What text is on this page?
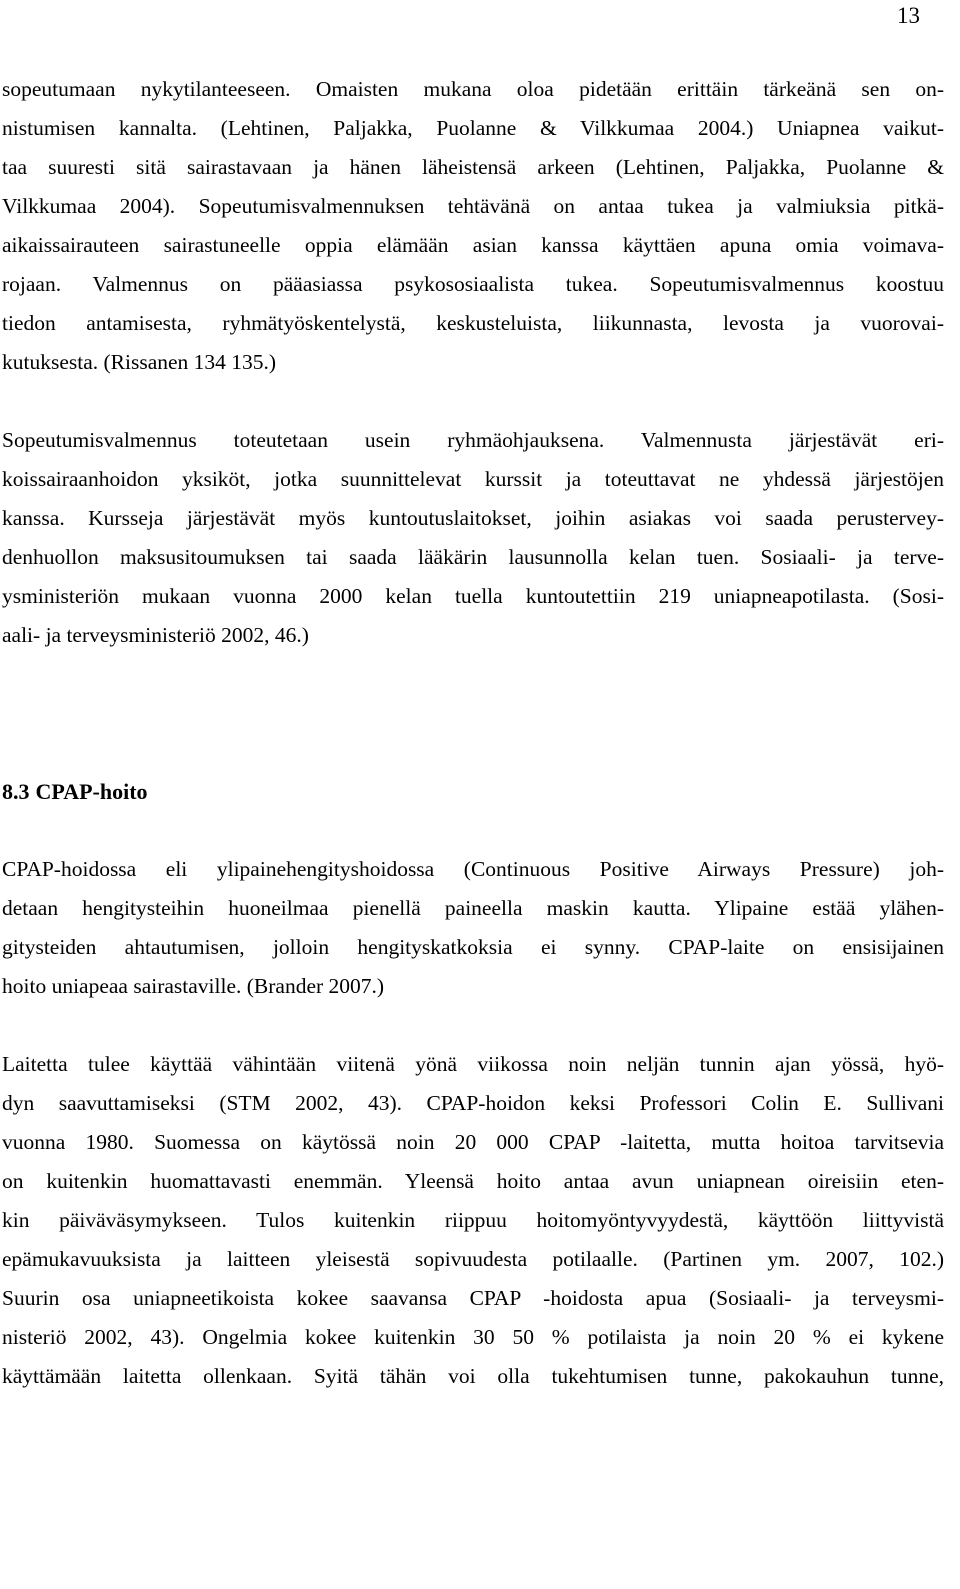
13
sopeutumaan nykytilanteeseen. Omaisten mukana oloa pidetään erittäin tärkeänä sen on-
nistumisen kannalta. (Lehtinen, Paljakka, Puolanne & Vilkkumaa 2004.) Uniapnea vaikut-
taa suuresti sitä sairastavaan ja hänen läheistensä arkeen (Lehtinen, Paljakka, Puolanne &
Vilkkumaa 2004). Sopeutumisvalmennuksen tehtävänä on antaa tukea ja valmiuksia pitkä-
aikaissairauteen sairastuneelle oppia elämään asian kanssa käyttäen apuna omia voimava-
rojaan. Valmennus on pääasiassa psykososiaalista tukea. Sopeutumisvalmennus koostuu
tiedon antamisesta, ryhmätyöskentelystä, keskusteluista, liikunnasta, levosta ja vuorovai-
kutuksesta. (Rissanen 134 135.)
Sopeutumisvalmennus toteutetaan usein ryhmäohjauksena. Valmennusta järjestävät eri-
koissairaanhoidon yksiköt, jotka suunnittelevat kurssit ja toteuttavat ne yhdessä järjestöjen
kanssa. Kursseja järjestävät myös kuntoutuslaitokset, joihin asiakas voi saada perustervey-
denhuollon maksusitoumuksen tai saada lääkärin lausunnolla kelan tuen. Sosiaali- ja terve-
ysministeriön mukaan vuonna 2000 kelan tuella kuntoutettiin 219 uniapneapotilasta. (Sosi-
aali- ja terveysministeriö 2002, 46.)
8.3 CPAP-hoito
CPAP-hoidossa eli ylipainehengityshoidossa (Continuous Positive Airways Pressure) joh-
detaan hengitysteihin huoneilmaa pienellä paineella maskin kautta. Ylipaine estää ylähen-
gitysteiden ahtautumisen, jolloin hengityskatkoksia ei synny. CPAP-laite on ensisijainen
hoito uniapeaa sairastaville. (Brander 2007.)
Laitetta tulee käyttää vähintään viitenä yönä viikossa noin neljän tunnin ajan yössä, hyö-
dyn saavuttamiseksi (STM 2002, 43). CPAP-hoidon keksi Professori Colin E. Sullivani
vuonna 1980. Suomessa on käytössä noin 20 000 CPAP -laitetta, mutta hoitoa tarvitsevia
on kuitenkin huomattavasti enemmän. Yleensä hoito antaa avun uniapnean oireisiin eten-
kin päiväväsymykseen. Tulos kuitenkin riippuu hoitomyöntyvyydestä, käyttöön liittyvistä
epämukavuuksista ja laitteen yleisestä sopivuudesta potilaalle. (Partinen ym. 2007, 102.)
Suurin osa uniapneetikoista kokee saavansa CPAP -hoidosta apua (Sosiaali- ja terveysmi-
nisteriö 2002, 43). Ongelmia kokee kuitenkin 30 50 % potilaista ja noin 20 % ei kykene
käyttämään laitetta ollenkaan. Syitä tähän voi olla tukehtumisen tunne, pakokauhun tunne,
